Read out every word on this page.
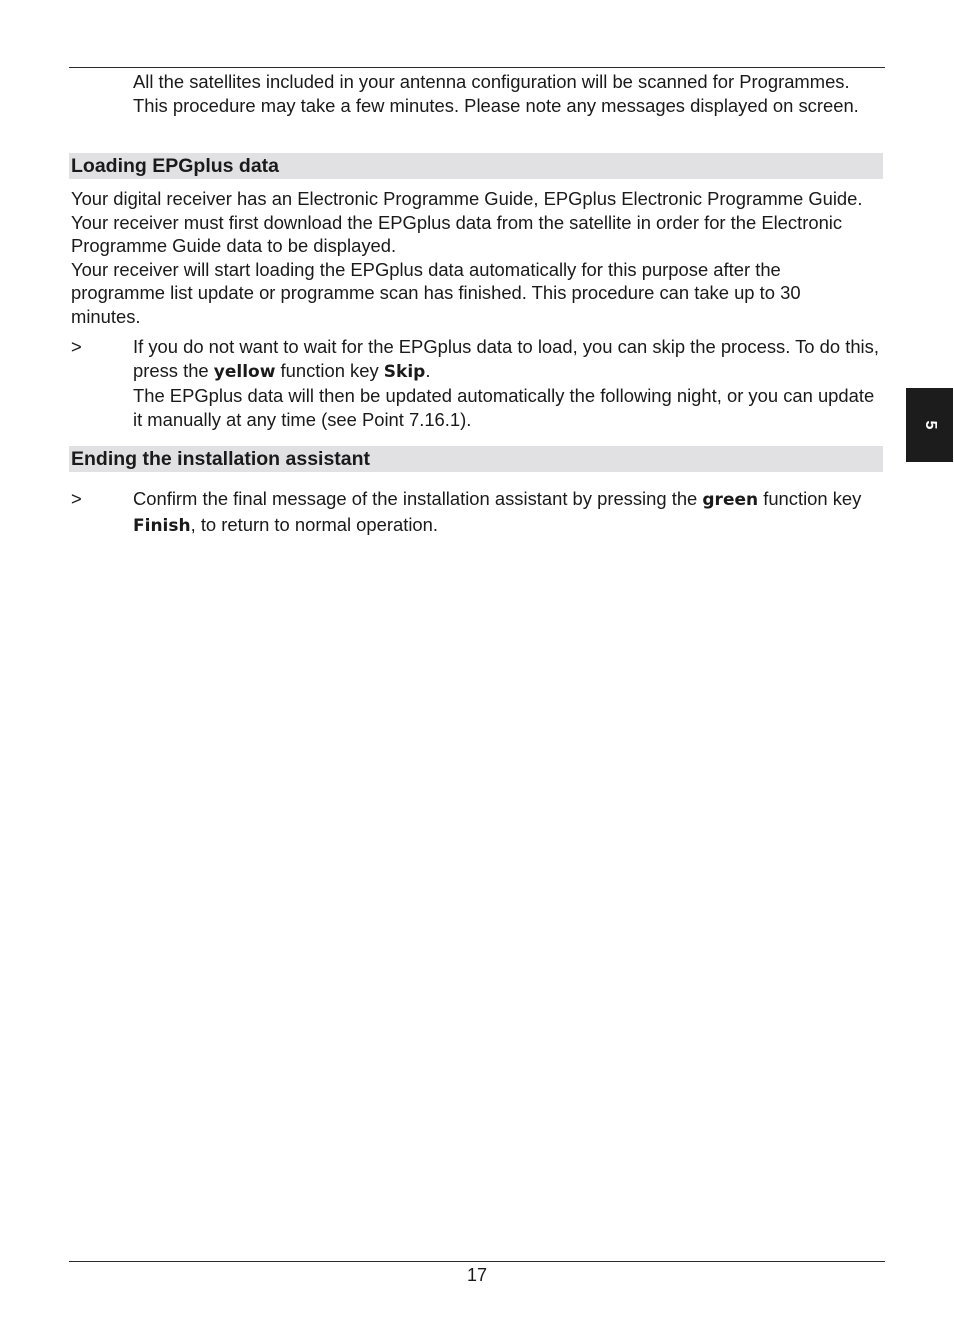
All the satellites included in your antenna configuration will be scanned for Programmes. This procedure may take a few minutes. Please note any messages displayed on screen.
Loading EPGplus data

Your digital receiver has an Electronic Programme Guide, EPGplus Electronic Programme Guide. Your receiver must first download the EPGplus data from the satellite in order for the Electronic Programme Guide data to be displayed.

Your receiver will start loading the EPGplus data automatically for this purpose after the programme list update or programme scan has finished. This procedure can take up to 30 minutes.

>	If you do not want to wait for the EPGplus data to load, you can skip the process. To do this, press the yellow function key Skip.

The EPGplus data will then be updated automatically the following night, or you can update it manually at any time (see Point 7.16.1).

Ending the installation assistant
>	Confirm the final message of the installation assistant by pressing the green function key Finish, to return to normal operation.

5
17
